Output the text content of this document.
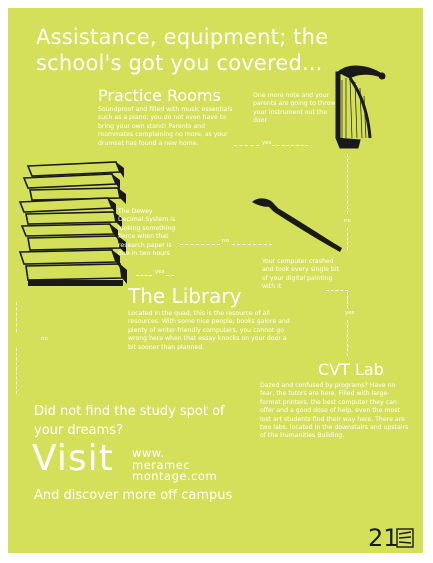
Assistance, equipment; the school's got you covered...
Practice Rooms
Soundproof and filled with music essentials such as a piano; you do not even have to bring your own stand! Parents and roommates complaining no more, as your drumset has found a new home.
One more note and your parents are going to throw your instrument out the door
yes
no
The Dewey Decimal System is looking something fierce when that research paper is due in two hours
no
yes
Your computer crashed and took every single bit of your digital painting with it
yes
no
The Library
Located in the quad, this is the resource of all resources. With some nice people, books galore and plenty of writer-friendly computers, you cannot go wrong here when that essay knocks on your door a bit sooner than planned.
CVT Lab
Dazed and confused by programs? Have no fear, the tutors are here. Filled with large-format printers, the best computer they can offer and a good dose of help, even the most lost art students find their way here. There are two labs, located in the downstairs and upstairs of the Humanities Building.
Did not find the study spot of your dreams?
Visit www.
meramec
montage.com
And discover more off campus
21
